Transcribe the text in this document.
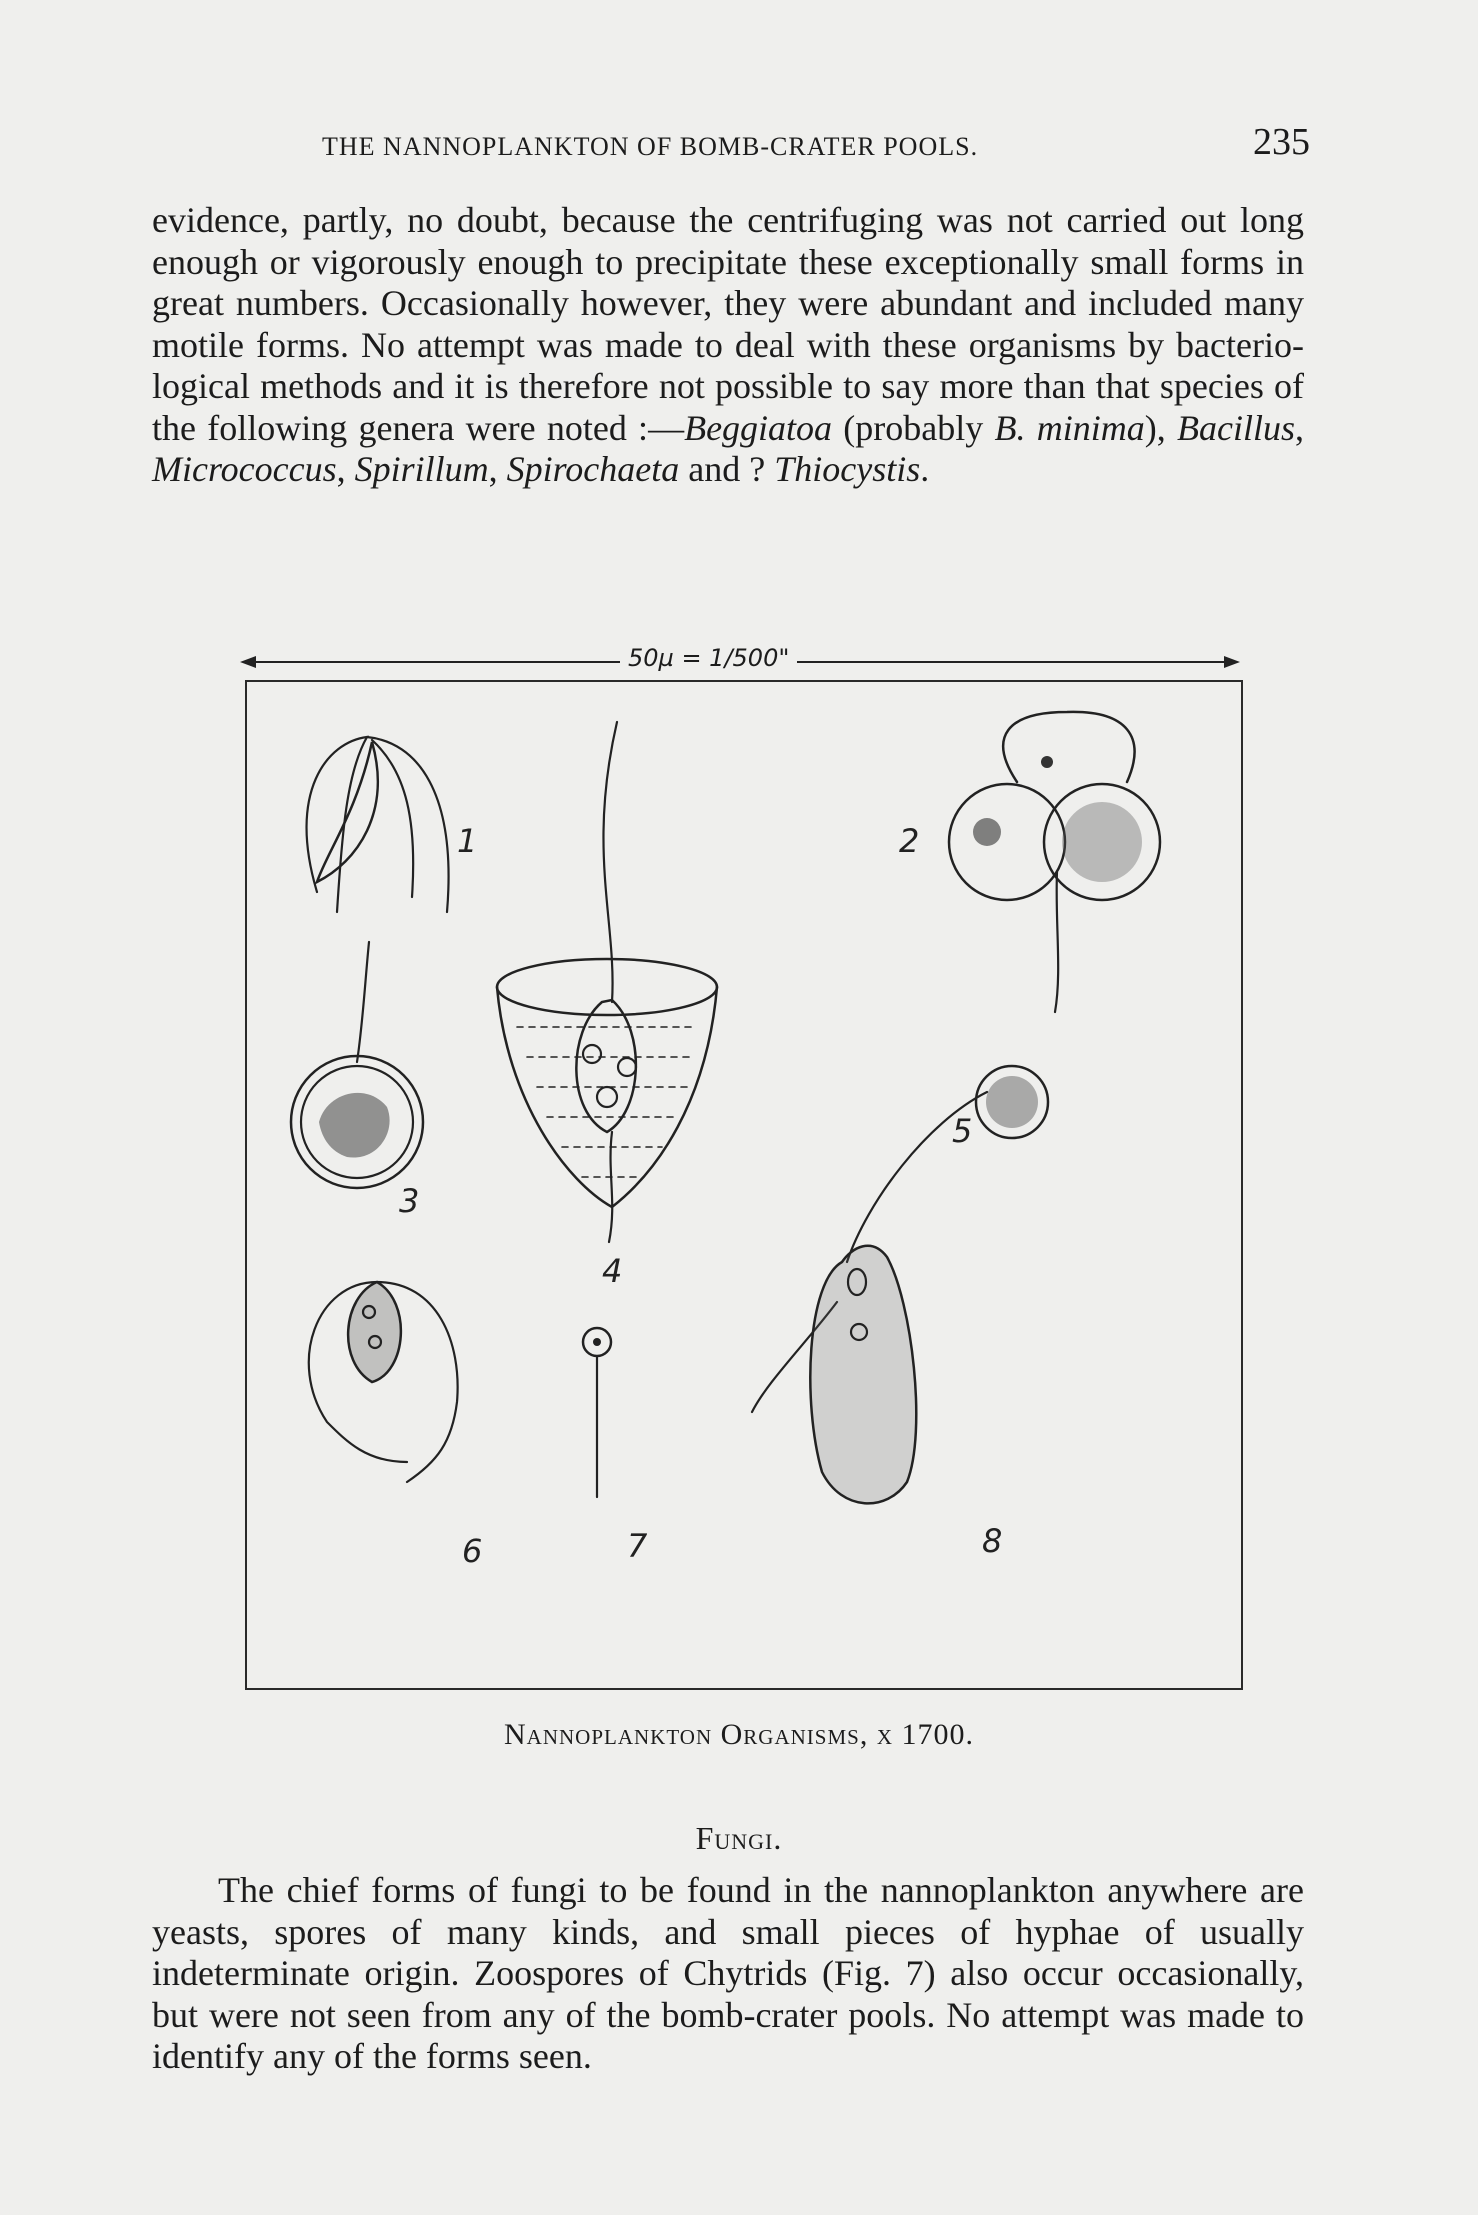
THE NANNOPLANKTON OF BOMB-CRATER POOLS.	235

evidence, partly, no doubt, because the centrifuging was not carried out long enough or vigorously enough to precipitate these exceptionally small forms in great numbers. Occasionally however, they were abundant and included many motile forms. No attempt was made to deal with these organisms by bacteriological methods and it is therefore not possible to say more than that species of the following genera were noted :—Beggiatoa (probably B. minima), Bacillus, Micrococcus, Spirillum, Spirochaeta and ? Thiocystis.

50µ = 1/500"
1	2
3
4
5
6	7	8
Nannoplankton Organisms, x 1700.
Fungi.

The chief forms of fungi to be found in the nannoplankton anywhere are yeasts, spores of many kinds, and small pieces of hyphae of usually indeterminate origin. Zoospores of Chytrids (Fig. 7) also occur occasionally, but were not seen from any of the bomb-crater pools. No attempt was made to identify any of the forms seen.
